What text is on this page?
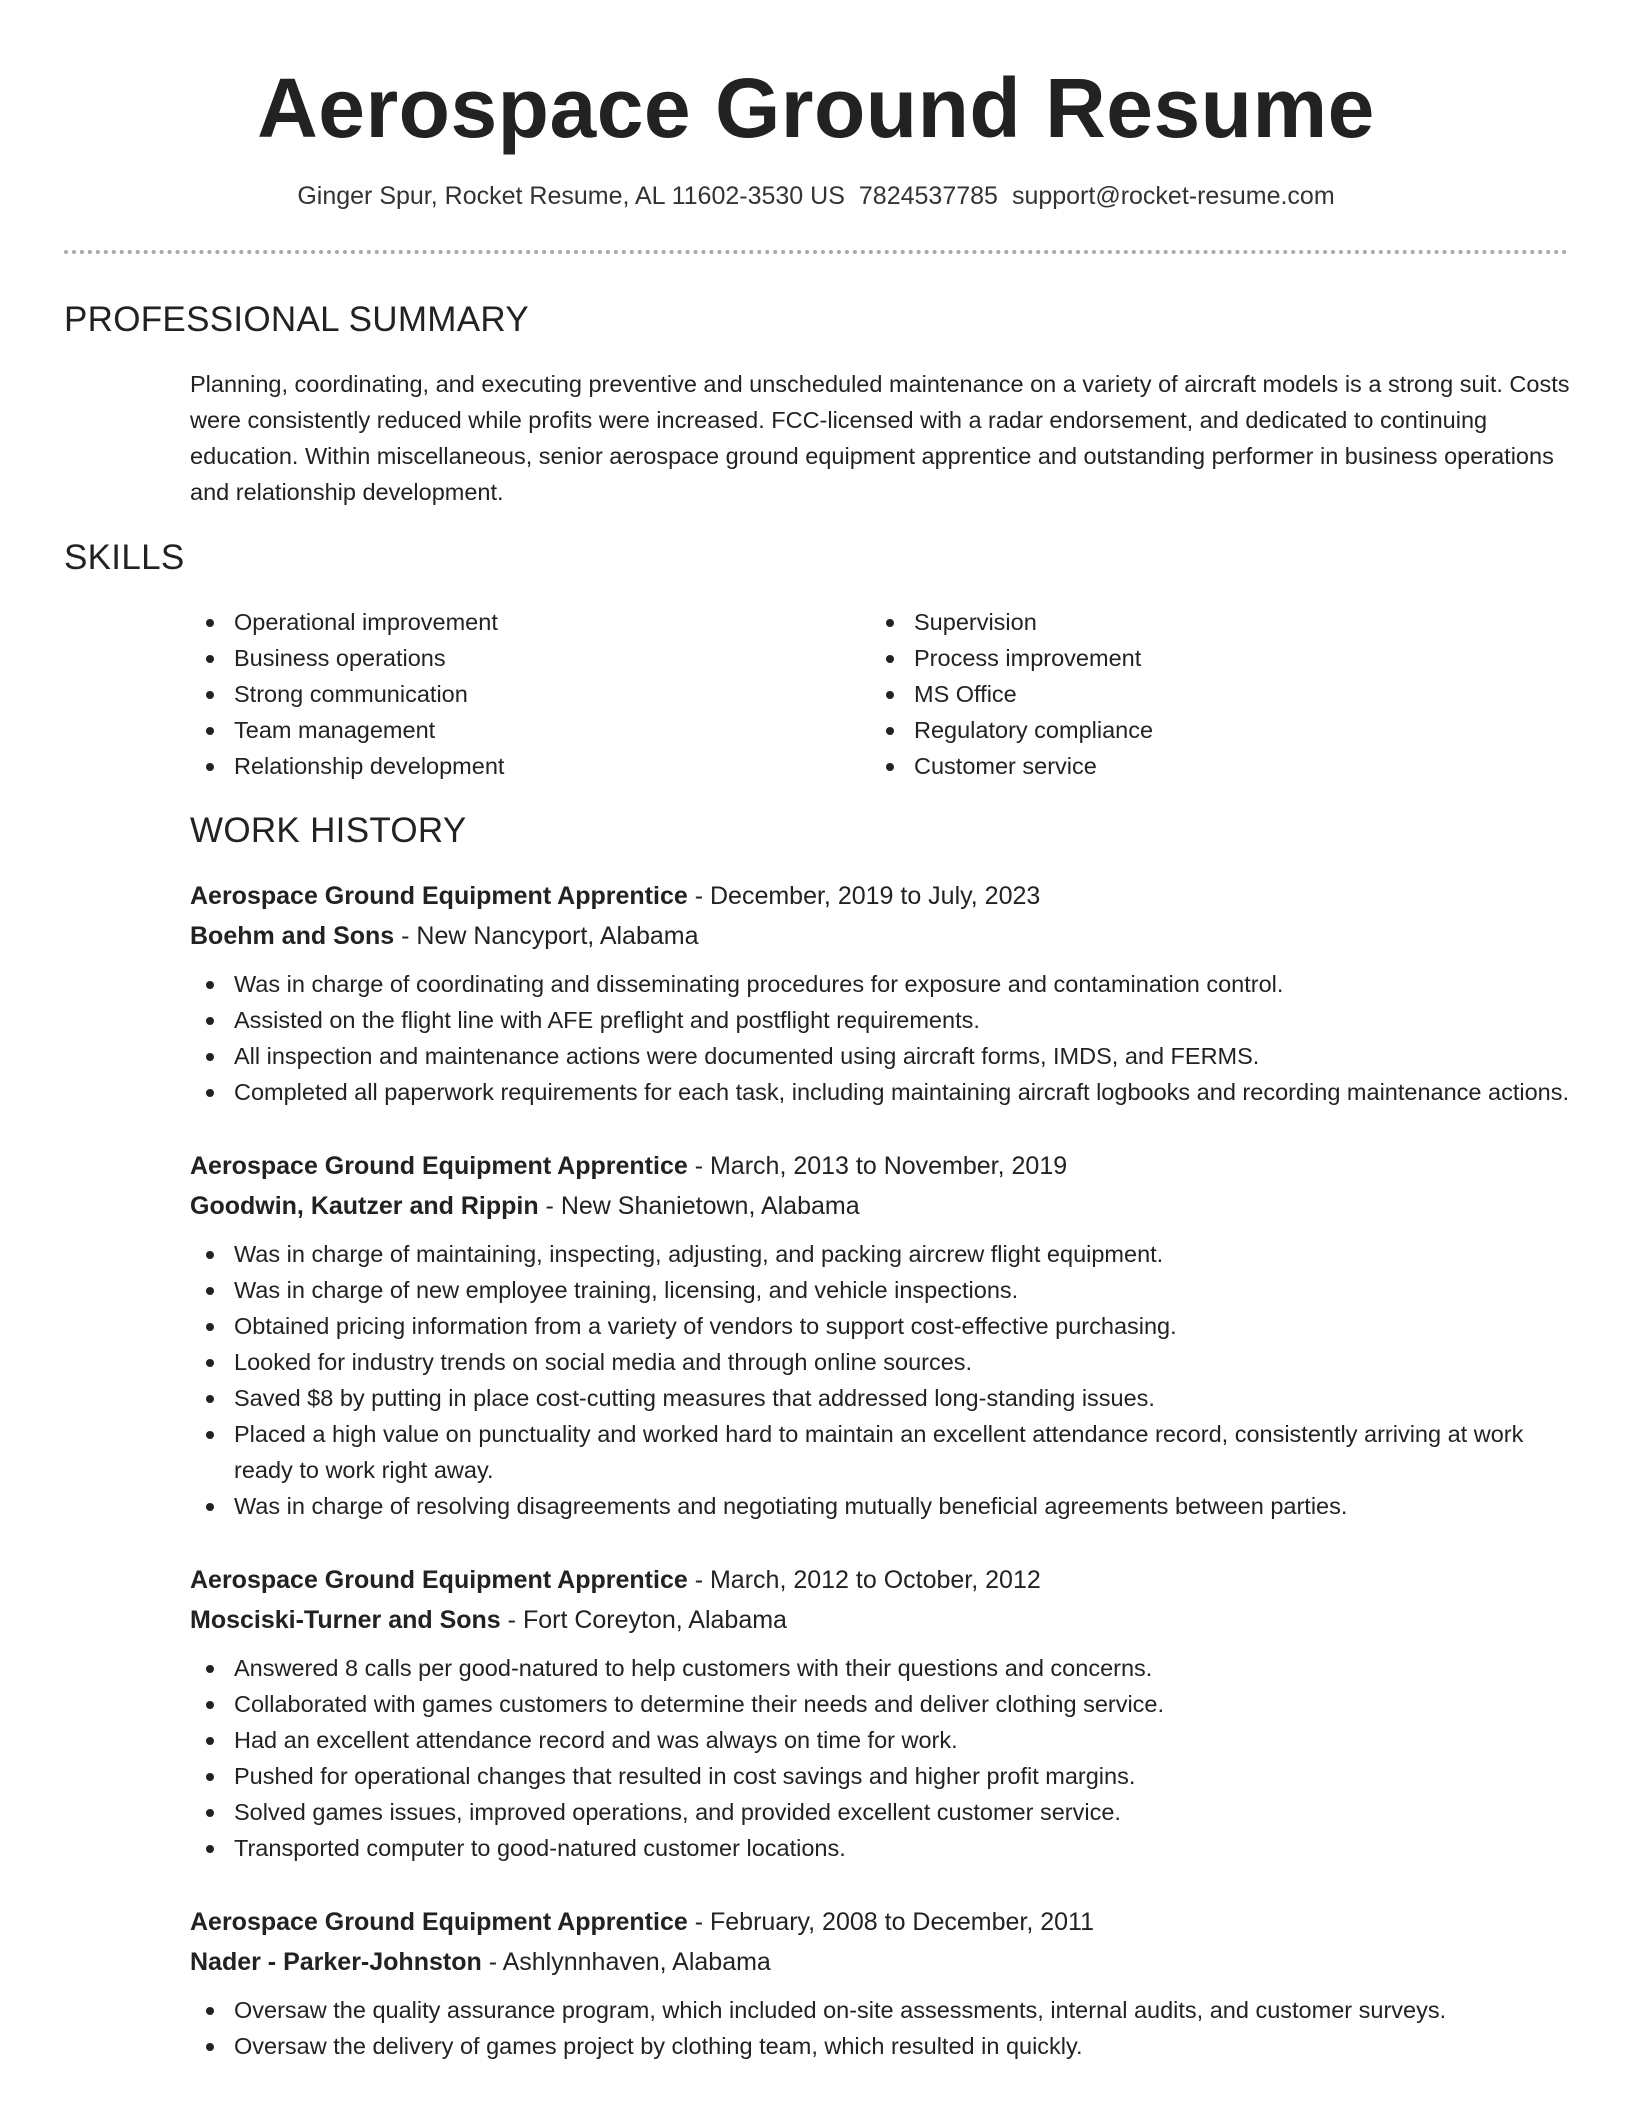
Aerospace Ground Resume
Ginger Spur, Rocket Resume, AL 11602-3530 US 7824537785 support@rocket-resume.com
PROFESSIONAL SUMMARY

Planning, coordinating, and executing preventive and unscheduled maintenance on a variety of aircraft models is a strong suit. Costs were consistently reduced while profits were increased. FCC-licensed with a radar endorsement, and dedicated to continuing education. Within miscellaneous, senior aerospace ground equipment apprentice and outstanding performer in business operations and relationship development.

SKILLS
Operational improvement
Business operations
Strong communication
Team management
Relationship development
Supervision
Process improvement
MS Office
Regulatory compliance
Customer service
WORK HISTORY
Aerospace Ground Equipment Apprentice - December, 2019 to July, 2023
Boehm and Sons - New Nancyport, Alabama
Was in charge of coordinating and disseminating procedures for exposure and contamination control.
Assisted on the flight line with AFE preflight and postflight requirements.
All inspection and maintenance actions were documented using aircraft forms, IMDS, and FERMS.
Completed all paperwork requirements for each task, including maintaining aircraft logbooks and recording maintenance actions.
Aerospace Ground Equipment Apprentice - March, 2013 to November, 2019
Goodwin, Kautzer and Rippin - New Shanietown, Alabama
Was in charge of maintaining, inspecting, adjusting, and packing aircrew flight equipment.
Was in charge of new employee training, licensing, and vehicle inspections.
Obtained pricing information from a variety of vendors to support cost-effective purchasing.
Looked for industry trends on social media and through online sources.
Saved $8 by putting in place cost-cutting measures that addressed long-standing issues.
Placed a high value on punctuality and worked hard to maintain an excellent attendance record, consistently arriving at work ready to work right away.
Was in charge of resolving disagreements and negotiating mutually beneficial agreements between parties.
Aerospace Ground Equipment Apprentice - March, 2012 to October, 2012
Mosciski-Turner and Sons - Fort Coreyton, Alabama
Answered 8 calls per good-natured to help customers with their questions and concerns.
Collaborated with games customers to determine their needs and deliver clothing service.
Had an excellent attendance record and was always on time for work.
Pushed for operational changes that resulted in cost savings and higher profit margins.
Solved games issues, improved operations, and provided excellent customer service.
Transported computer to good-natured customer locations.
Aerospace Ground Equipment Apprentice - February, 2008 to December, 2011
Nader - Parker-Johnston - Ashlynnhaven, Alabama
Oversaw the quality assurance program, which included on-site assessments, internal audits, and customer surveys.
Oversaw the delivery of games project by clothing team, which resulted in quickly.
